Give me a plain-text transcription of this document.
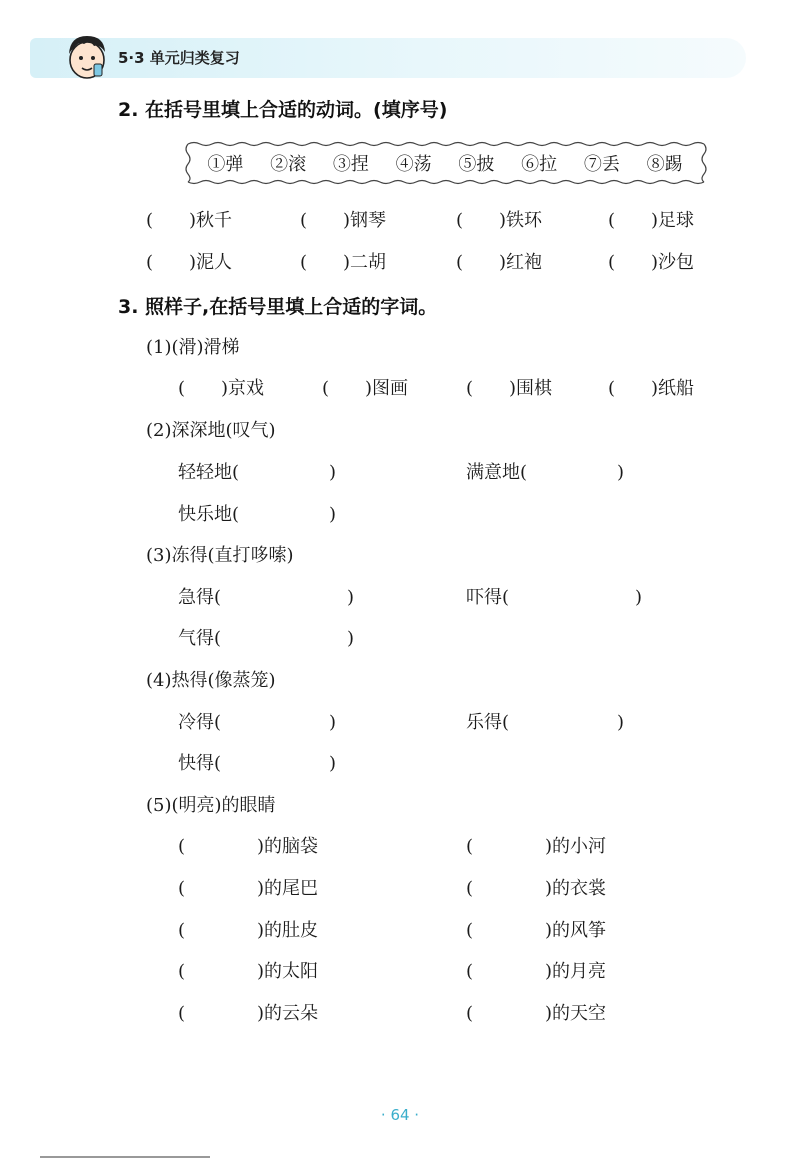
5·3 单元归类复习
2. 在括号里填上合适的动词。(填序号)
①弹 ②滚 ③捏 ④荡 ⑤披 ⑥拉 ⑦丢 ⑧踢
(　　)秋千	(　　)钢琴	(　　)铁环	(　　)足球
(　　)泥人	(　　)二胡	(　　)红袍	(　　)沙包
3. 照样子,在括号里填上合适的字词。
(1)(滑)滑梯
(　　)京戏	(　　)图画	(　　)围棋	(　　)纸船
(2)深深地(叹气)
轻轻地(　　　　　)	满意地(　　　　　)
快乐地(　　　　　)
(3)冻得(直打哆嗦)
急得(　　　　　　　)	吓得(　　　　　　　)
气得(　　　　　　　)
(4)热得(像蒸笼)
冷得(　　　　　　)	乐得(　　　　　　)
快得(　　　　　　)
(5)(明亮)的眼睛
(　　　　)的脑袋	(　　　　)的小河
(　　　　)的尾巴	(　　　　)的衣裳
(　　　　)的肚皮	(　　　　)的风筝
(　　　　)的太阳	(　　　　)的月亮
(　　　　)的云朵	(　　　　)的天空
· 64 ·
